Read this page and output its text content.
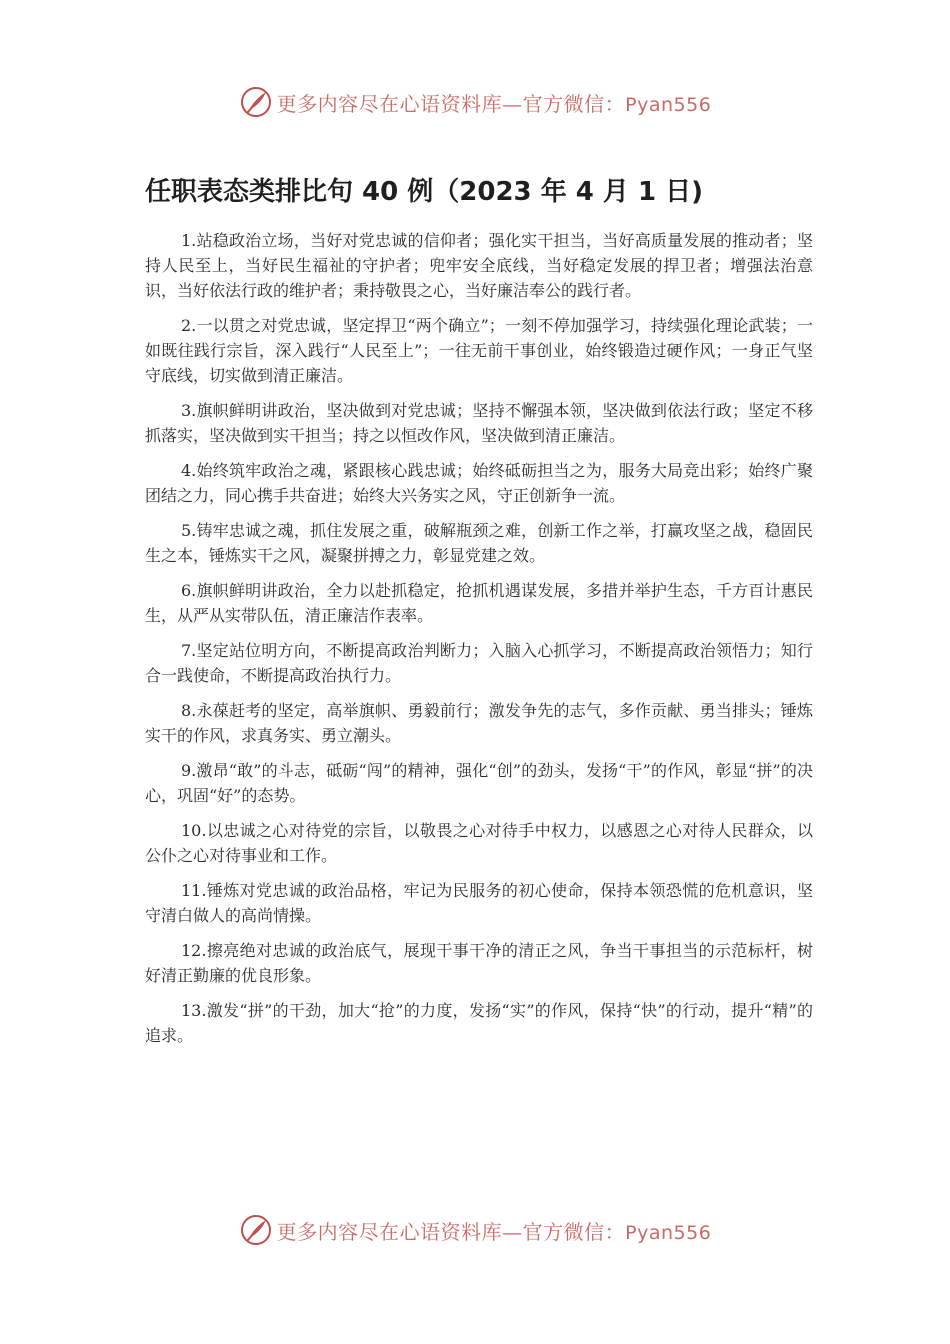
更多内容尽在心语资料库—官方微信：Pyan556
任职表态类排比句 40 例（2023 年 4 月 1 日)

1.站稳政治立场，当好对党忠诚的信仰者；强化实干担当，当好高质量发展的推动者；坚持人民至上，当好民生福祉的守护者；兜牢安全底线，当好稳定发展的捍卫者；增强法治意识，当好依法行政的维护者；秉持敬畏之心，当好廉洁奉公的践行者。

2.一以贯之对党忠诚，坚定捍卫“两个确立”；一刻不停加强学习，持续强化理论武装；一如既往践行宗旨，深入践行“人民至上”；一往无前干事创业，始终锻造过硬作风；一身正气坚守底线，切实做到清正廉洁。

3.旗帜鲜明讲政治，坚决做到对党忠诚；坚持不懈强本领，坚决做到依法行政；坚定不移抓落实，坚决做到实干担当；持之以恒改作风，坚决做到清正廉洁。

4.始终筑牢政治之魂，紧跟核心践忠诚；始终砥砺担当之为，服务大局竞出彩；始终广聚团结之力，同心携手共奋进；始终大兴务实之风，守正创新争一流。

5.铸牢忠诚之魂，抓住发展之重，破解瓶颈之难，创新工作之举，打赢攻坚之战，稳固民生之本，锤炼实干之风，凝聚拼搏之力，彰显党建之效。

6.旗帜鲜明讲政治，全力以赴抓稳定，抢抓机遇谋发展，多措并举护生态，千方百计惠民生，从严从实带队伍，清正廉洁作表率。

7.坚定站位明方向，不断提高政治判断力；入脑入心抓学习，不断提高政治领悟力；知行合一践使命，不断提高政治执行力。

8.永葆赶考的坚定，高举旗帜、勇毅前行；激发争先的志气，多作贡献、勇当排头；锤炼实干的作风，求真务实、勇立潮头。

9.激昂“敢”的斗志，砥砺“闯”的精神，强化“创”的劲头，发扬“干”的作风，彰显“拼”的决心，巩固“好”的态势。

10.以忠诚之心对待党的宗旨，以敬畏之心对待手中权力，以感恩之心对待人民群众，以公仆之心对待事业和工作。

11.锤炼对党忠诚的政治品格，牢记为民服务的初心使命，保持本领恐慌的危机意识，坚守清白做人的高尚情操。

12.擦亮绝对忠诚的政治底气，展现干事干净的清正之风，争当干事担当的示范标杆，树好清正勤廉的优良形象。

13.激发“拼”的干劲，加大“抢”的力度，发扬“实”的作风，保持“快”的行动，提升“精”的追求。

更多内容尽在心语资料库—官方微信：Pyan556
